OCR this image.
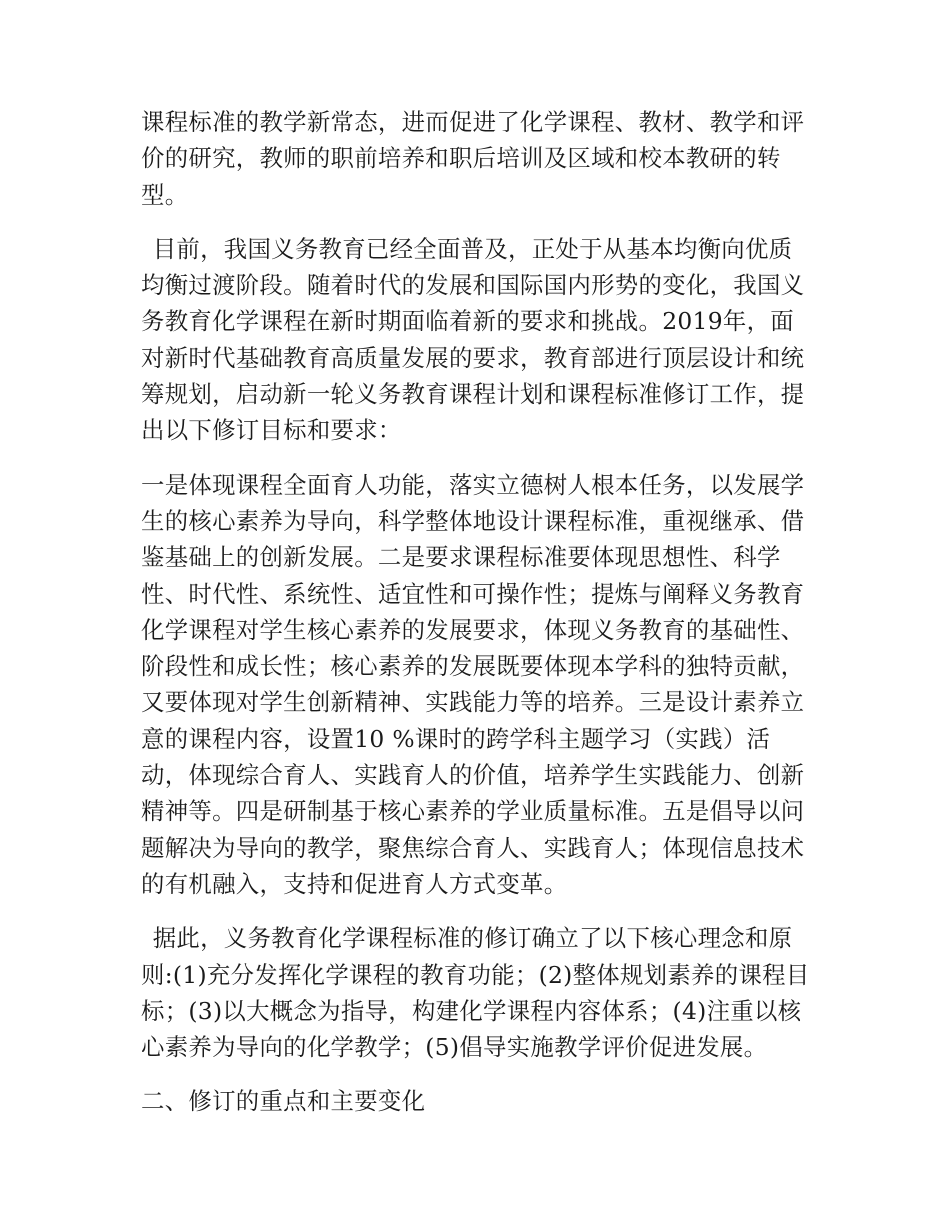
课程标准的教学新常态，进而促进了化学课程、教材、教学和评价的研究，教师的职前培养和职后培训及区域和校本教研的转型。

目前，我国义务教育已经全面普及，正处于从基本均衡向优质均衡过渡阶段。随着时代的发展和国际国内形势的变化，我国义务教育化学课程在新时期面临着新的要求和挑战。2019年，面对新时代基础教育高质量发展的要求，教育部进行顶层设计和统筹规划，启动新一轮义务教育课程计划和课程标准修订工作，提出以下修订目标和要求：

一是体现课程全面育人功能，落实立德树人根本任务，以发展学生的核心素养为导向，科学整体地设计课程标准，重视继承、借鉴基础上的创新发展。二是要求课程标准要体现思想性、科学性、时代性、系统性、适宜性和可操作性；提炼与阐释义务教育化学课程对学生核心素养的发展要求，体现义务教育的基础性、阶段性和成长性；核心素养的发展既要体现本学科的独特贡献，又要体现对学生创新精神、实践能力等的培养。三是设计素养立意的课程内容，设置10 %课时的跨学科主题学习（实践）活动，体现综合育人、实践育人的价值，培养学生实践能力、创新精神等。四是研制基于核心素养的学业质量标准。五是倡导以问题解决为导向的教学，聚焦综合育人、实践育人；体现信息技术的有机融入，支持和促进育人方式变革。

据此，义务教育化学课程标准的修订确立了以下核心理念和原则:(1)充分发挥化学课程的教育功能；(2)整体规划素养的课程目标；(3)以大概念为指导，构建化学课程内容体系；(4)注重以核心素养为导向的化学教学；(5)倡导实施教学评价促进发展。

二、修订的重点和主要变化
